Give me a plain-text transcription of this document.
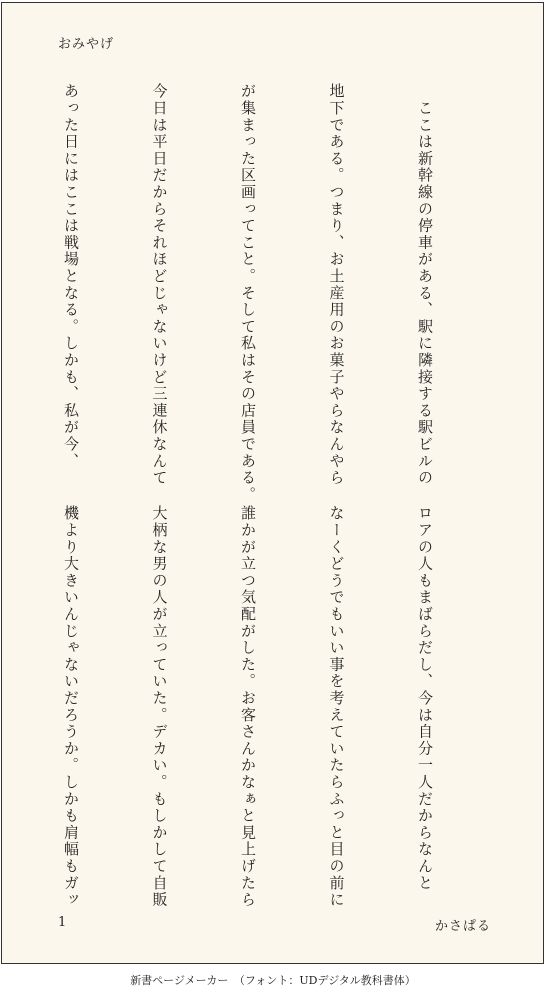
おみやげ

　ここは新幹線の停車がある、駅に隣接する駅ビルの

地下である。つまり、お土産用のお菓子やらなんやら

が集まった区画ってこと。そして私はその店員である。

今日は平日だからそれほどじゃないけど三連休なんて

あった日にはここは戦場となる。しかも、私が今、

ロアの人もまばらだし、今は自分一人だからなんと

なーくどうでもいい事を考えていたらふっと目の前に

誰かが立つ気配がした。お客さんかなぁと見上げたら

大柄な男の人が立っていた。デカい。もしかして自販

機より大きいんじゃないだろうか。しかも肩幅もガッ

1	かさぱる
新書ページメーカー　（フォント：UDデジタル教科書体）
